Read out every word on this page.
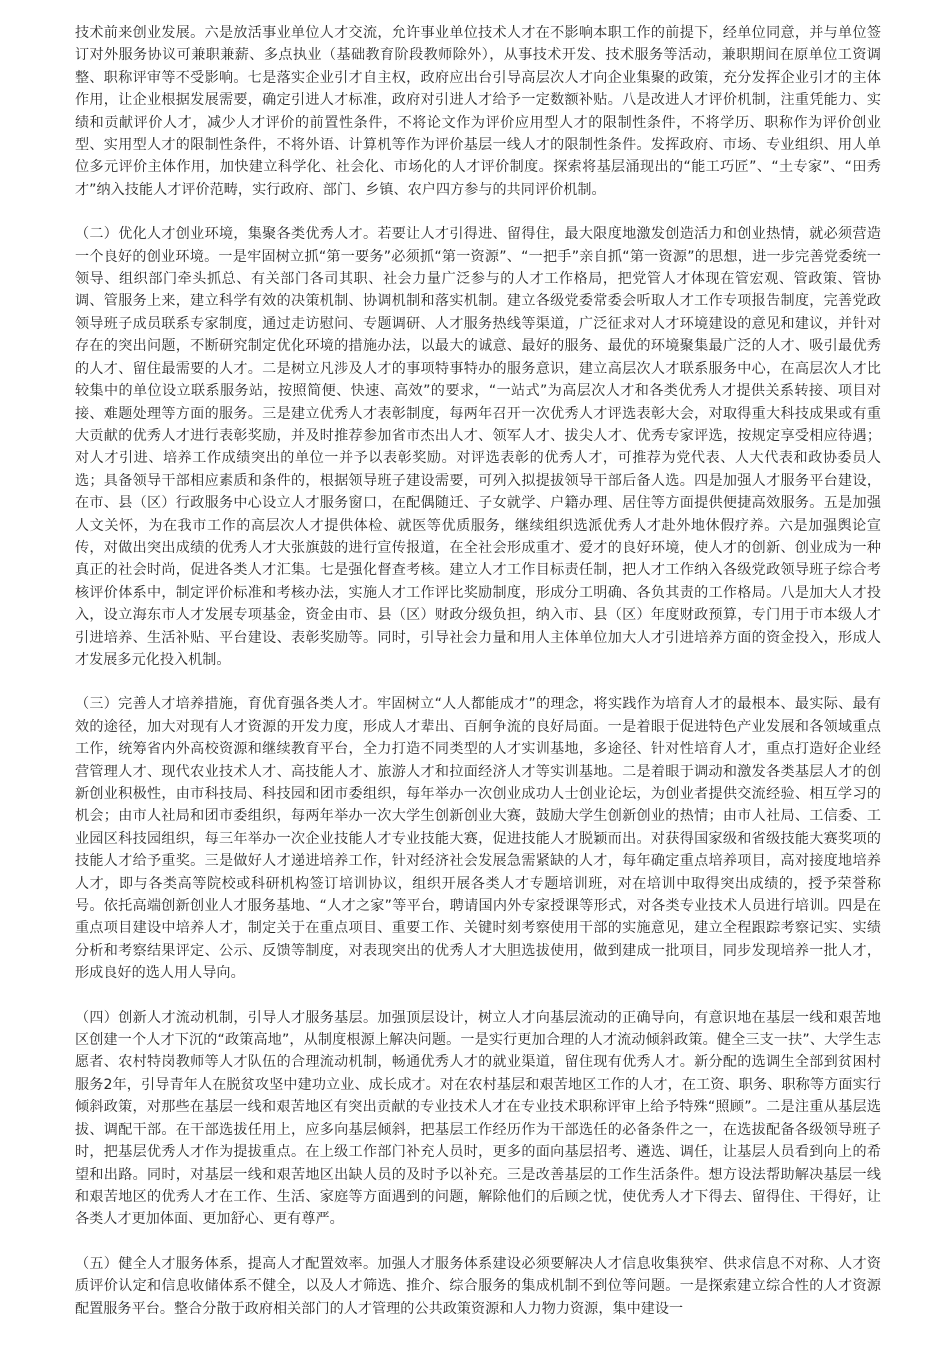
技术前来创业发展。六是放活事业单位人才交流，允许事业单位技术人才在不影响本职工作的前提下，经单位同意，并与单位签订对外服务协议可兼职兼薪、多点执业（基础教育阶段教师除外），从事技术开发、技术服务等活动，兼职期间在原单位工资调整、职称评审等不受影响。七是落实企业引才自主权，政府应出台引导高层次人才向企业集聚的政策，充分发挥企业引才的主体作用，让企业根据发展需要，确定引进人才标准，政府对引进人才给予一定数额补贴。八是改进人才评价机制，注重凭能力、实绩和贡献评价人才，减少人才评价的前置性条件，不将论文作为评价应用型人才的限制性条件，不将学历、职称作为评价创业型、实用型人才的限制性条件，不将外语、计算机等作为评价基层一线人才的限制性条件。发挥政府、市场、专业组织、用人单位多元评价主体作用，加快建立科学化、社会化、市场化的人才评价制度。探索将基层涌现出的“能工巧匠”、“土专家”、“田秀才”纳入技能人才评价范畴，实行政府、部门、乡镇、农户四方参与的共同评价机制。

（二）优化人才创业环境，集聚各类优秀人才。若要让人才引得进、留得住，最大限度地激发创造活力和创业热情，就必须营造一个良好的创业环境。一是牢固树立抓“第一要务”必须抓“第一资源”、“一把手”亲自抓“第一资源”的思想，进一步完善党委统一领导、组织部门牵头抓总、有关部门各司其职、社会力量广泛参与的人才工作格局，把党管人才体现在管宏观、管政策、管协调、管服务上来，建立科学有效的决策机制、协调机制和落实机制。建立各级党委常委会听取人才工作专项报告制度，完善党政领导班子成员联系专家制度，通过走访慰问、专题调研、人才服务热线等渠道，广泛征求对人才环境建设的意见和建议，并针对存在的突出问题，不断研究制定优化环境的措施办法，以最大的诚意、最好的服务、最优的环境聚集最广泛的人才、吸引最优秀的人才、留住最需要的人才。二是树立凡涉及人才的事项特事特办的服务意识，建立高层次人才联系服务中心，在高层次人才比较集中的单位设立联系服务站，按照简便、快速、高效”的要求，“一站式”为高层次人才和各类优秀人才提供关系转接、项目对接、难题处理等方面的服务。三是建立优秀人才表彰制度，每两年召开一次优秀人才评选表彰大会，对取得重大科技成果或有重大贡献的优秀人才进行表彰奖励，并及时推荐参加省市杰出人才、领军人才、拔尖人才、优秀专家评选，按规定享受相应待遇；对人才引进、培养工作成绩突出的单位一并予以表彰奖励。对评选表彰的优秀人才，可推荐为党代表、人大代表和政协委员人选；具备领导干部相应素质和条件的，根据领导班子建设需要，可列入拟提拔领导干部后备人选。四是加强人才服务平台建设，在市、县（区）行政服务中心设立人才服务窗口，在配偶随迁、子女就学、户籍办理、居住等方面提供便捷高效服务。五是加强人文关怀，为在我市工作的高层次人才提供体检、就医等优质服务，继续组织选派优秀人才赴外地休假疗养。六是加强舆论宣传，对做出突出成绩的优秀人才大张旗鼓的进行宣传报道，在全社会形成重才、爱才的良好环境，使人才的创新、创业成为一种真正的社会时尚，促进各类人才汇集。七是强化督查考核。建立人才工作目标责任制，把人才工作纳入各级党政领导班子综合考核评价体系中，制定评价标准和考核办法，实施人才工作评比奖励制度，形成分工明确、各负其责的工作格局。八是加大人才投入，设立海东市人才发展专项基金，资金由市、县（区）财政分级负担，纳入市、县（区）年度财政预算，专门用于市本级人才引进培养、生活补贴、平台建设、表彰奖励等。同时，引导社会力量和用人主体单位加大人才引进培养方面的资金投入，形成人才发展多元化投入机制。

（三）完善人才培养措施，育优育强各类人才。牢固树立“人人都能成才”的理念，将实践作为培育人才的最根本、最实际、最有效的途径，加大对现有人才资源的开发力度，形成人才辈出、百舸争流的良好局面。一是着眼于促进特色产业发展和各领域重点工作，统筹省内外高校资源和继续教育平台，全力打造不同类型的人才实训基地，多途径、针对性培育人才，重点打造好企业经营管理人才、现代农业技术人才、高技能人才、旅游人才和拉面经济人才等实训基地。二是着眼于调动和激发各类基层人才的创新创业积极性，由市科技局、科技园和团市委组织，每年举办一次创业成功人士创业论坛，为创业者提供交流经验、相互学习的机会；由市人社局和团市委组织，每两年举办一次大学生创新创业大赛，鼓励大学生创新创业的热情；由市人社局、工信委、工业园区科技园组织，每三年举办一次企业技能人才专业技能大赛，促进技能人才脱颖而出。对获得国家级和省级技能大赛奖项的技能人才给予重奖。三是做好人才递进培养工作，针对经济社会发展急需紧缺的人才，每年确定重点培养项目，高对接度地培养人才，即与各类高等院校或科研机构签订培训协议，组织开展各类人才专题培训班，对在培训中取得突出成绩的，授予荣誉称号。依托高端创新创业人才服务基地、“人才之家”等平台，聘请国内外专家授课等形式，对各类专业技术人员进行培训。四是在重点项目建设中培养人才，制定关于在重点项目、重要工作、关键时刻考察使用干部的实施意见，建立全程跟踪考察记实、实绩分析和考察结果评定、公示、反馈等制度，对表现突出的优秀人才大胆选拔使用，做到建成一批项目，同步发现培养一批人才，形成良好的选人用人导向。

（四）创新人才流动机制，引导人才服务基层。加强顶层设计，树立人才向基层流动的正确导向，有意识地在基层一线和艰苦地区创建一个人才下沉的“政策高地”，从制度根源上解决问题。一是实行更加合理的人才流动倾斜政策。健全三支一扶”、大学生志愿者、农村特岗教师等人才队伍的合理流动机制，畅通优秀人才的就业渠道，留住现有优秀人才。新分配的选调生全部到贫困村服务2年，引导青年人在脱贫攻坚中建功立业、成长成才。对在农村基层和艰苦地区工作的人才，在工资、职务、职称等方面实行倾斜政策，对那些在基层一线和艰苦地区有突出贡献的专业技术人才在专业技术职称评审上给予特殊“照顾”。二是注重从基层选拔、调配干部。在干部选拔任用上，应多向基层倾斜，把基层工作经历作为干部选任的必备条件之一，在选拔配备各级领导班子时，把基层优秀人才作为提拔重点。在上级工作部门补充人员时，更多的面向基层招考、遴选、调任，让基层人员看到向上的希望和出路。同时，对基层一线和艰苦地区出缺人员的及时予以补充。三是改善基层的工作生活条件。想方设法帮助解决基层一线和艰苦地区的优秀人才在工作、生活、家庭等方面遇到的问题，解除他们的后顾之忧，使优秀人才下得去、留得住、干得好，让各类人才更加体面、更加舒心、更有尊严。

（五）健全人才服务体系，提高人才配置效率。加强人才服务体系建设必须要解决人才信息收集狭窄、供求信息不对称、人才资质评价认定和信息收储体系不健全，以及人才筛选、推介、综合服务的集成机制不到位等问题。一是探索建立综合性的人才资源配置服务平台。整合分散于政府相关部门的人才管理的公共政策资源和人力物力资源，集中建设一
